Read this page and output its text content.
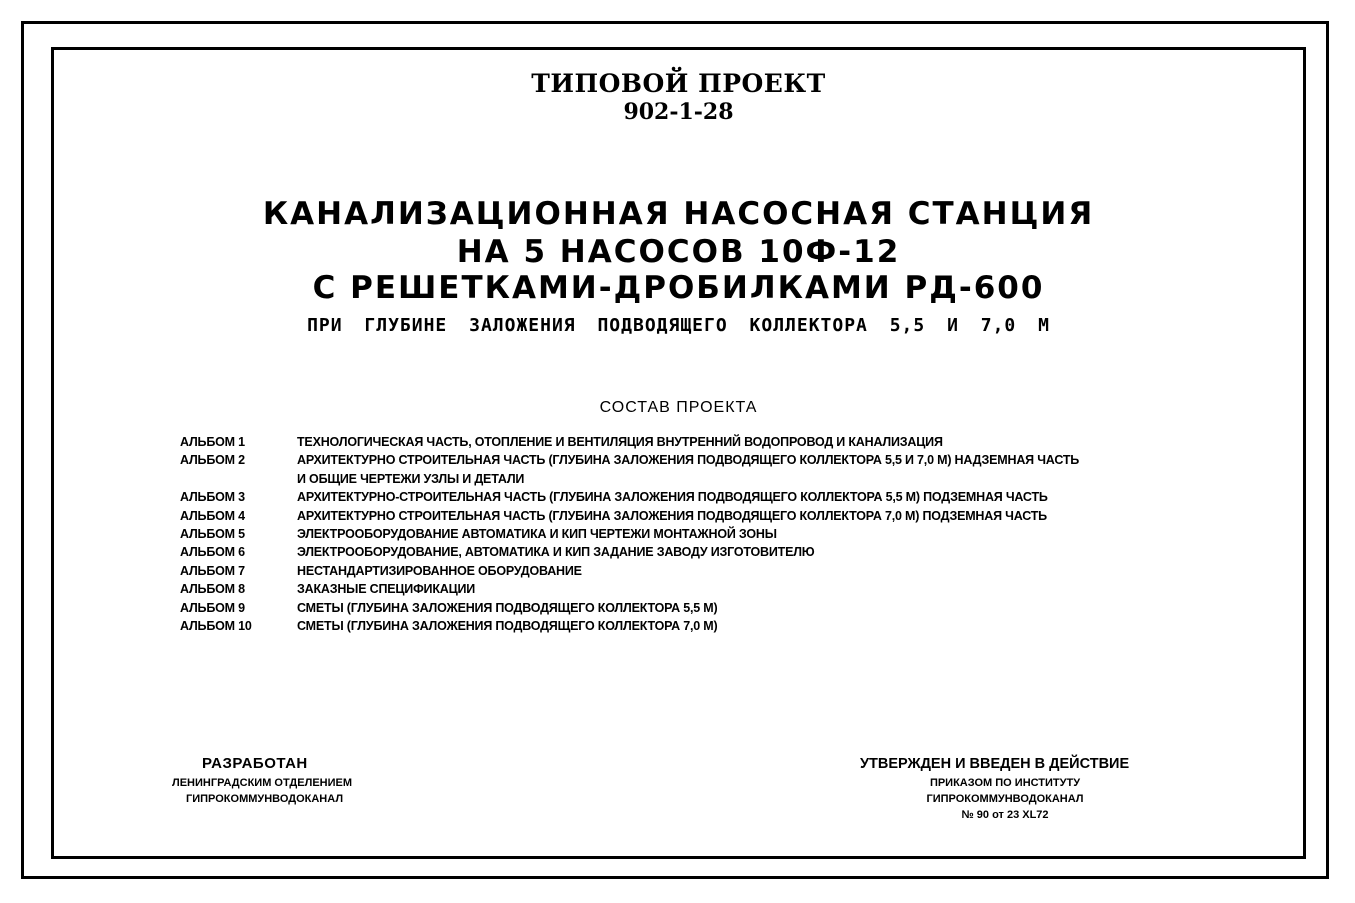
ТИПОВОЙ ПРОЕКТ
902-1-28
КАНАЛИЗАЦИОННАЯ НАСОСНАЯ СТАНЦИЯ
НА 5 НАСОСОВ 10Ф-12
С РЕШЕТКАМИ-ДРОБИЛКАМИ РД-600
ПРИ ГЛУБИНЕ ЗАЛОЖЕНИЯ ПОДВОДЯЩЕГО КОЛЛЕКТОРА 5,5 И 7,0 М
СОСТАВ ПРОЕКТА
АЛЬБОМ 1	ТЕХНОЛОГИЧЕСКАЯ ЧАСТЬ, ОТОПЛЕНИЕ И ВЕНТИЛЯЦИЯ ВНУТРЕННИЙ ВОДОПРОВОД И КАНАЛИЗАЦИЯ
АЛЬБОМ 2	АРХИТЕКТУРНО СТРОИТЕЛЬНАЯ ЧАСТЬ (ГЛУБИНА ЗАЛОЖЕНИЯ ПОДВОДЯЩЕГО КОЛЛЕКТОРА 5,5 И 7,0 М) НАДЗЕМНАЯ ЧАСТЬ
И ОБЩИЕ ЧЕРТЕЖИ УЗЛЫ И ДЕТАЛИ
АЛЬБОМ 3	АРХИТЕКТУРНО-СТРОИТЕЛЬНАЯ ЧАСТЬ (ГЛУБИНА ЗАЛОЖЕНИЯ ПОДВОДЯЩЕГО КОЛЛЕКТОРА 5,5 М) ПОДЗЕМНАЯ ЧАСТЬ
АЛЬБОМ 4	АРХИТЕКТУРНО СТРОИТЕЛЬНАЯ ЧАСТЬ (ГЛУБИНА ЗАЛОЖЕНИЯ ПОДВОДЯЩЕГО КОЛЛЕКТОРА 7,0 М) ПОДЗЕМНАЯ ЧАСТЬ
АЛЬБОМ 5	ЭЛЕКТРООБОРУДОВАНИЕ АВТОМАТИКА И КИП ЧЕРТЕЖИ МОНТАЖНОЙ ЗОНЫ
АЛЬБОМ 6	ЭЛЕКТРООБОРУДОВАНИЕ, АВТОМАТИКА И КИП ЗАДАНИЕ ЗАВОДУ ИЗГОТОВИТЕЛЮ
АЛЬБОМ 7	НЕСТАНДАРТИЗИРОВАННОЕ ОБОРУДОВАНИЕ
АЛЬБОМ 8	ЗАКАЗНЫЕ СПЕЦИФИКАЦИИ
АЛЬБОМ 9	СМЕТЫ (ГЛУБИНА ЗАЛОЖЕНИЯ ПОДВОДЯЩЕГО КОЛЛЕКТОРА 5,5 М)
АЛЬБОМ 10	СМЕТЫ (ГЛУБИНА ЗАЛОЖЕНИЯ ПОДВОДЯЩЕГО КОЛЛЕКТОРА 7,0 М)
РАЗРАБОТАН
ЛЕНИНГРАДСКИМ ОТДЕЛЕНИЕМ
ГИПРОКОММУНВОДОКАНАЛ
УТВЕРЖДЕН И ВВЕДЕН В ДЕЙСТВИЕ
ПРИКАЗОМ ПО ИНСТИТУТУ
ГИПРОКОММУНВОДОКАНАЛ
№ 90 от 23 XL72
